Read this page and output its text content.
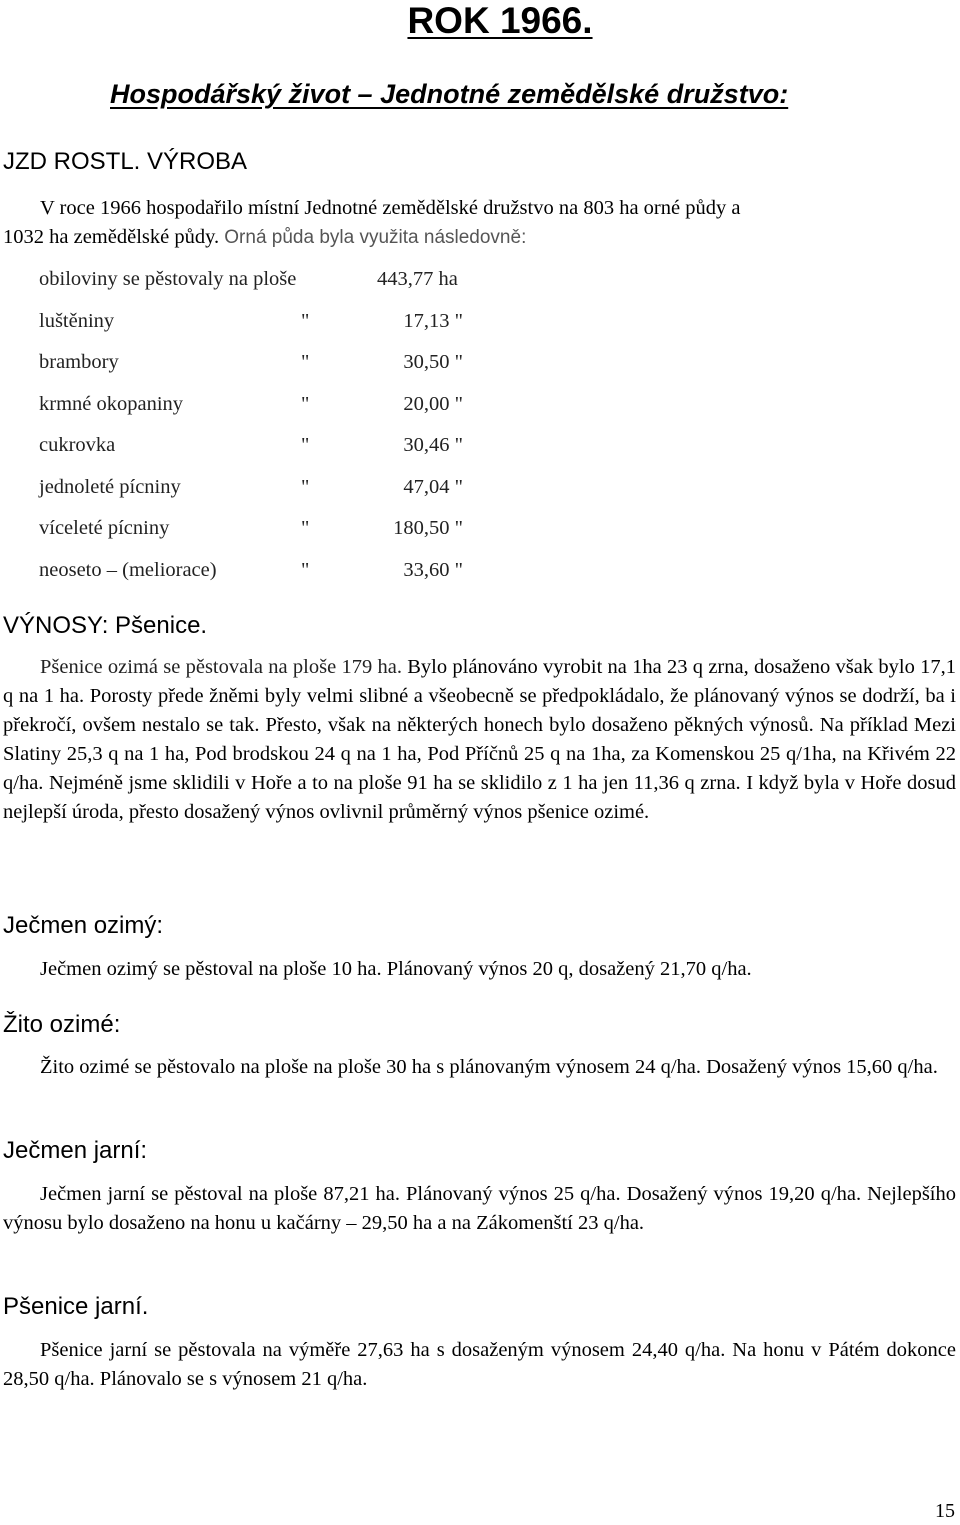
ROK 1966.
Hospodářský život – Jednotné zemědělské družstvo:
JZD ROSTL. VÝROBA

V roce 1966 hospodařilo místní Jednotné zemědělské družstvo na 803 ha orné půdy a
1032 ha zemědělské půdy. Orná půda byla využita následovně:

obiloviny se pěstovaly na ploše	443,77 ha
luštěniny	"	17,13 "
brambory	"	30,50 "
krmné okopaniny	"	20,00 "
cukrovka	"	30,46 "
jednoleté pícniny	"	47,04 "
víceleté pícniny	"	180,50 "
neoseto – (meliorace)	"	33,60 "
VÝNOSY: Pšenice.

Pšenice ozimá se pěstovala na ploše 179 ha. Bylo plánováno vyrobit na 1ha 23 q zrna, dosaženo však bylo 17,1 q na 1 ha. Porosty přede žněmi byly velmi slibné a všeobecně se předpokládalo, že plánovaný výnos se dodrží, ba i překročí, ovšem nestalo se tak. Přesto, však na některých honech bylo dosaženo pěkných výnosů. Na příklad Mezi Slatiny 25,3 q na 1 ha, Pod brodskou 24 q na 1 ha, Pod Příčnů 25 q na 1ha, za Komenskou 25 q/1ha, na Křivém 22 q/ha. Nejméně jsme sklidili v Hoře a to na ploše 91 ha se sklidilo z 1 ha jen 11,36 q zrna. I když byla v Hoře dosud nejlepší úroda, přesto dosažený výnos ovlivnil průměrný výnos pšenice ozimé.

Ječmen ozimý:

Ječmen ozimý se pěstoval na ploše 10 ha. Plánovaný výnos 20 q, dosažený 21,70 q/ha.

Žito ozimé:

Žito ozimé se pěstovalo na ploše na ploše 30 ha s plánovaným výnosem 24 q/ha. Dosažený výnos 15,60 q/ha.

Ječmen jarní:

Ječmen jarní se pěstoval na ploše 87,21 ha. Plánovaný výnos 25 q/ha. Dosažený výnos 19,20 q/ha. Nejlepšího výnosu bylo dosaženo na honu u kačárny – 29,50 ha a na Zákomenští 23 q/ha.

Pšenice jarní.

Pšenice jarní se pěstovala na výměře 27,63 ha s dosaženým výnosem 24,40 q/ha. Na honu v Pátém dokonce 28,50 q/ha. Plánovalo se s výnosem 21 q/ha.

15
